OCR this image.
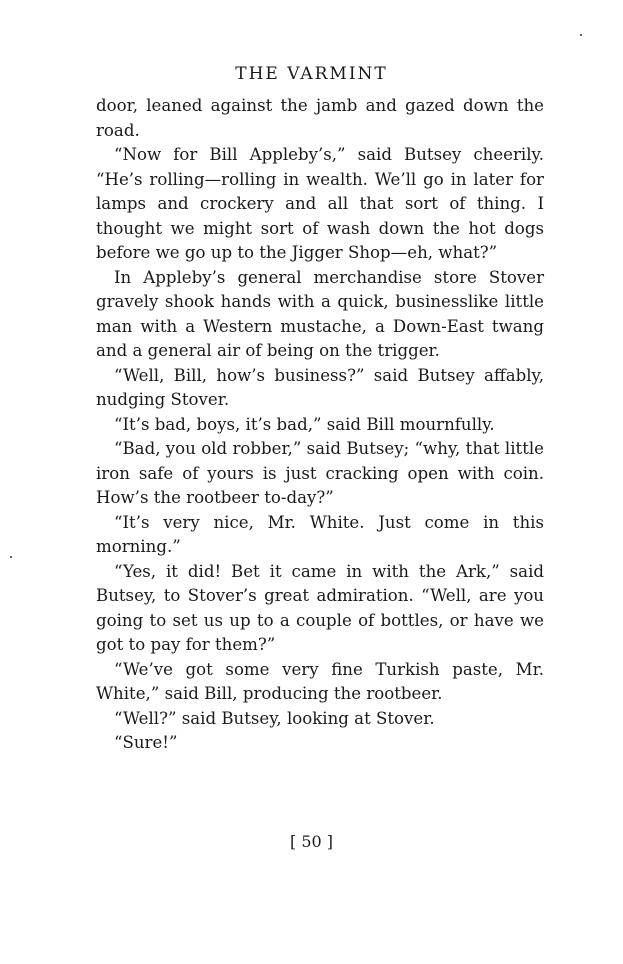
THE VARMINT

door, leaned against the jamb and gazed down the road.

“Now for Bill Appleby’s,” said Butsey cheerily. “He’s rolling—rolling in wealth. We’ll go in later for lamps and crockery and all that sort of thing. I thought we might sort of wash down the hot dogs before we go up to the Jigger Shop—eh, what?”

In Appleby’s general merchandise store Stover gravely shook hands with a quick, businesslike little man with a Western mustache, a Down-East twang and a general air of being on the trigger.

“Well, Bill, how’s business?” said Butsey affably, nudging Stover.

“It’s bad, boys, it’s bad,” said Bill mournfully.

“Bad, you old robber,” said Butsey; “why, that little iron safe of yours is just cracking open with coin. How’s the rootbeer to-day?”

“It’s very nice, Mr. White. Just come in this morning.”

“Yes, it did! Bet it came in with the Ark,” said Butsey, to Stover’s great admiration. “Well, are you going to set us up to a couple of bottles, or have we got to pay for them?”

“We’ve got some very fine Turkish paste, Mr. White,” said Bill, producing the rootbeer.

“Well?” said Butsey, looking at Stover.

“Sure!”

[ 50 ]
